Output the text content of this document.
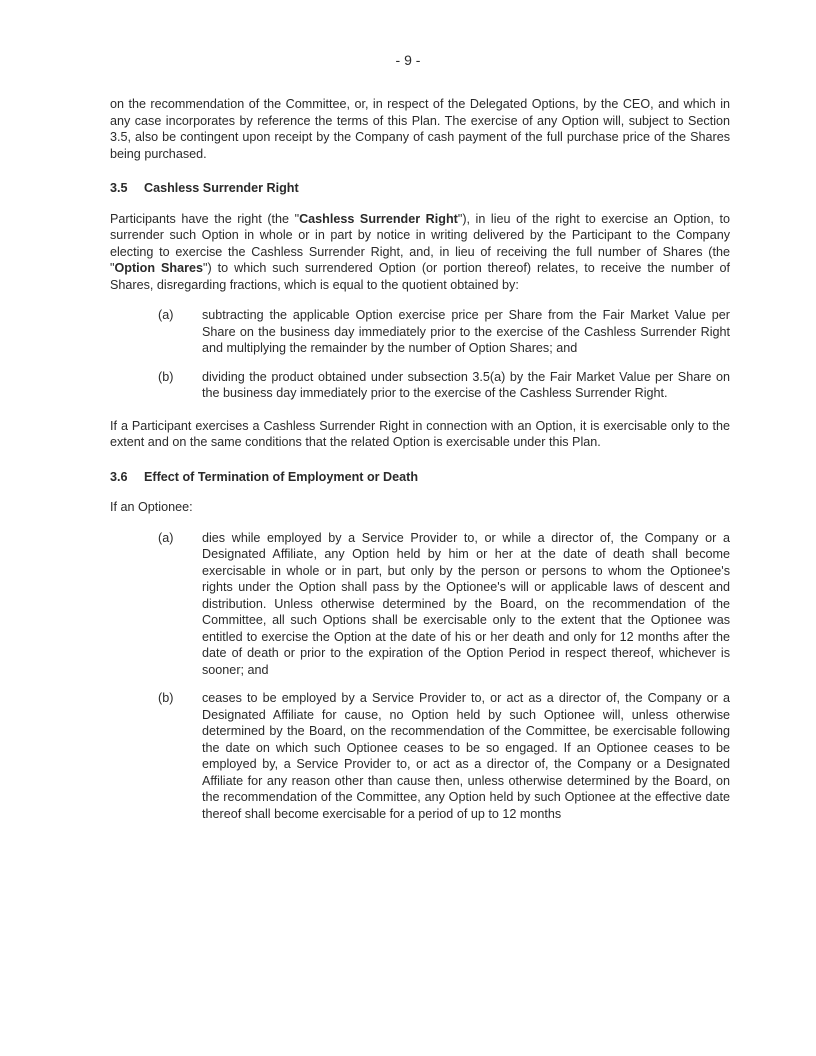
- 9 -

on the recommendation of the Committee, or, in respect of the Delegated Options, by the CEO, and which in any case incorporates by reference the terms of this Plan. The exercise of any Option will, subject to Section 3.5, also be contingent upon receipt by the Company of cash payment of the full purchase price of the Shares being purchased.

3.5	Cashless Surrender Right

Participants have the right (the "Cashless Surrender Right"), in lieu of the right to exercise an Option, to surrender such Option in whole or in part by notice in writing delivered by the Participant to the Company electing to exercise the Cashless Surrender Right, and, in lieu of receiving the full number of Shares (the "Option Shares") to which such surrendered Option (or portion thereof) relates, to receive the number of Shares, disregarding fractions, which is equal to the quotient obtained by:

(a)	subtracting the applicable Option exercise price per Share from the Fair Market Value per Share on the business day immediately prior to the exercise of the Cashless Surrender Right and multiplying the remainder by the number of Option Shares; and
(b)	dividing the product obtained under subsection 3.5(a) by the Fair Market Value per Share on the business day immediately prior to the exercise of the Cashless Surrender Right.

If a Participant exercises a Cashless Surrender Right in connection with an Option, it is exercisable only to the extent and on the same conditions that the related Option is exercisable under this Plan.

3.6	Effect of Termination of Employment or Death

If an Optionee:

(a)	dies while employed by a Service Provider to, or while a director of, the Company or a Designated Affiliate, any Option held by him or her at the date of death shall become exercisable in whole or in part, but only by the person or persons to whom the Optionee's rights under the Option shall pass by the Optionee's will or applicable laws of descent and distribution. Unless otherwise determined by the Board, on the recommendation of the Committee, all such Options shall be exercisable only to the extent that the Optionee was entitled to exercise the Option at the date of his or her death and only for 12 months after the date of death or prior to the expiration of the Option Period in respect thereof, whichever is sooner; and
(b)	ceases to be employed by a Service Provider to, or act as a director of, the Company or a Designated Affiliate for cause, no Option held by such Optionee will, unless otherwise determined by the Board, on the recommendation of the Committee, be exercisable following the date on which such Optionee ceases to be so engaged. If an Optionee ceases to be employed by, a Service Provider to, or act as a director of, the Company or a Designated Affiliate for any reason other than cause then, unless otherwise determined by the Board, on the recommendation of the Committee, any Option held by such Optionee at the effective date thereof shall become exercisable for a period of up to 12 months
